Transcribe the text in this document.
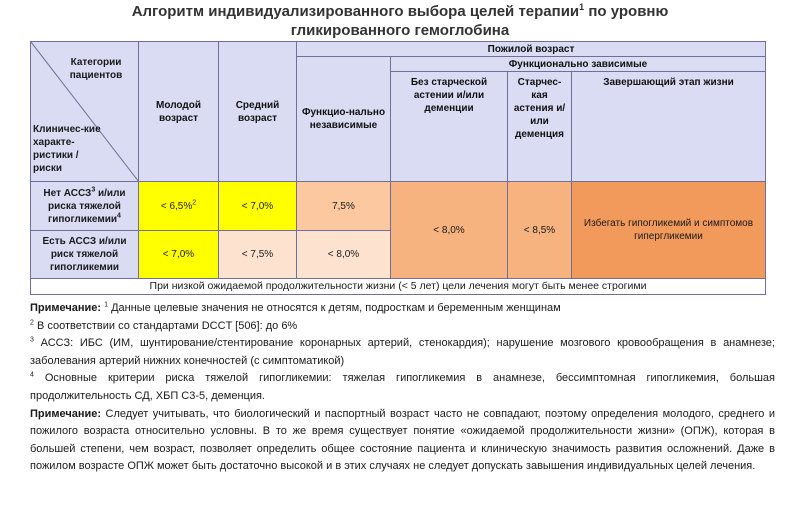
Алгоритм индивидуализированного выбора целей терапии$^1$ по уровню
гликированного гемоглобина
Категории пациентов
Клиничес-кие характе-ристики / риски	Молодой возраст	Средний возраст	Пожилой возраст			
			Функцио-нально независимые	Функционально зависимые		
				Без старческой астении и/или деменции	Старчес-кая астения и/или деменция	Завершающий этап жизни
Нет АССЗ$^3$ и/или риска тяжелой гипогликемии$^4$	< 6,5%$^2$	< 7,0%	7,5%	< 8,0%	< 8,5%	Избегать гипогликемий и симптомов гипергликемии
Есть АССЗ и/или риск тяжелой гипогликемии	< 7,0%	< 7,5%	< 8,0%			
При низкой ожидаемой продолжительности жизни (< 5 лет) цели лечения могут быть менее строгими						

Примечание: $^1$ Данные целевые значения не относятся к детям, подросткам и беременным женщинам

$^2$ В соответствии со стандартами DCCT [506]: до 6%

$^3$ АССЗ: ИБС (ИМ, шунтирование/стентирование коронарных артерий, стенокардия); нарушение мозгового кровообращения в анамнезе; заболевания артерий нижних конечностей (с симптоматикой)

$^4$ Основные критерии риска тяжелой гипогликемии: тяжелая гипогликемия в анамнезе, бессимптомная гипогликемия, большая продолжительность СД, ХБП С3-5, деменция.

Примечание: Следует учитывать, что биологический и паспортный возраст часто не совпадают, поэтому определения молодого, среднего и пожилого возраста относительно условны. В то же время существует понятие «ожидаемой продолжительности жизни» (ОПЖ), которая в большей степени, чем возраст, позволяет определить общее состояние пациента и клиническую значимость развития осложнений. Даже в пожилом возрасте ОПЖ может быть достаточно высокой и в этих случаях не следует допускать завышения индивидуальных целей лечения.
